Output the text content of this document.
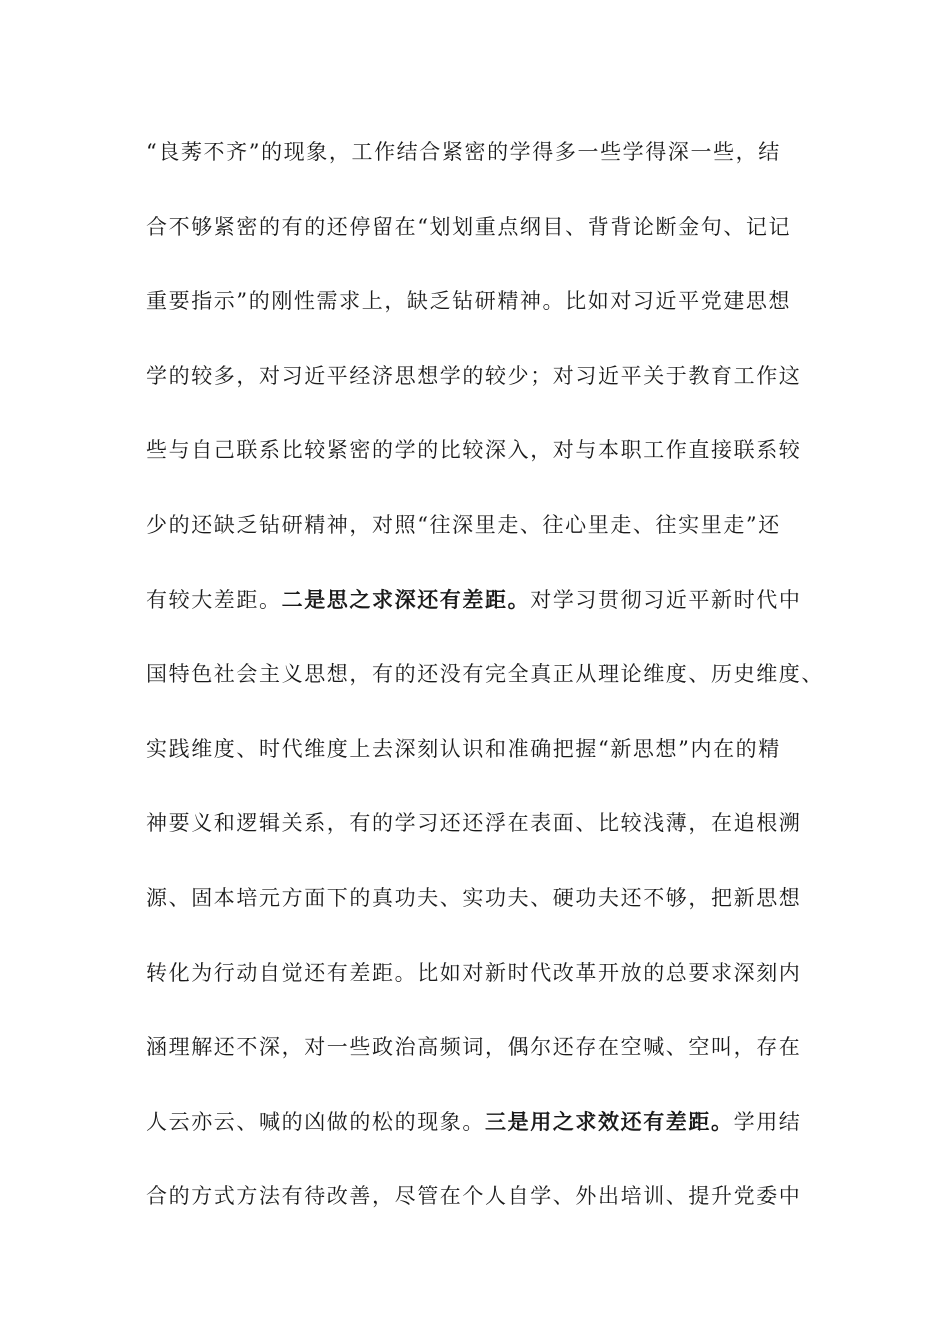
“良莠不齐”的现象，工作结合紧密的学得多一些学得深一些，结
合不够紧密的有的还停留在“划划重点纲目、背背论断金句、记记
重要指示”的刚性需求上，缺乏钻研精神。比如对习近平党建思想
学的较多，对习近平经济思想学的较少；对习近平关于教育工作这
些与自己联系比较紧密的学的比较深入，对与本职工作直接联系较
少的还缺乏钻研精神，对照“往深里走、往心里走、往实里走”还
有较大差距。二是思之求深还有差距。对学习贯彻习近平新时代中
国特色社会主义思想，有的还没有完全真正从理论维度、历史维度、
实践维度、时代维度上去深刻认识和准确把握“新思想”内在的精
神要义和逻辑关系，有的学习还还浮在表面、比较浅薄，在追根溯
源、固本培元方面下的真功夫、实功夫、硬功夫还不够，把新思想
转化为行动自觉还有差距。比如对新时代改革开放的总要求深刻内
涵理解还不深，对一些政治高频词，偶尔还存在空喊、空叫，存在
人云亦云、喊的凶做的松的现象。三是用之求效还有差距。学用结
合的方式方法有待改善，尽管在个人自学、外出培训、提升党委中
